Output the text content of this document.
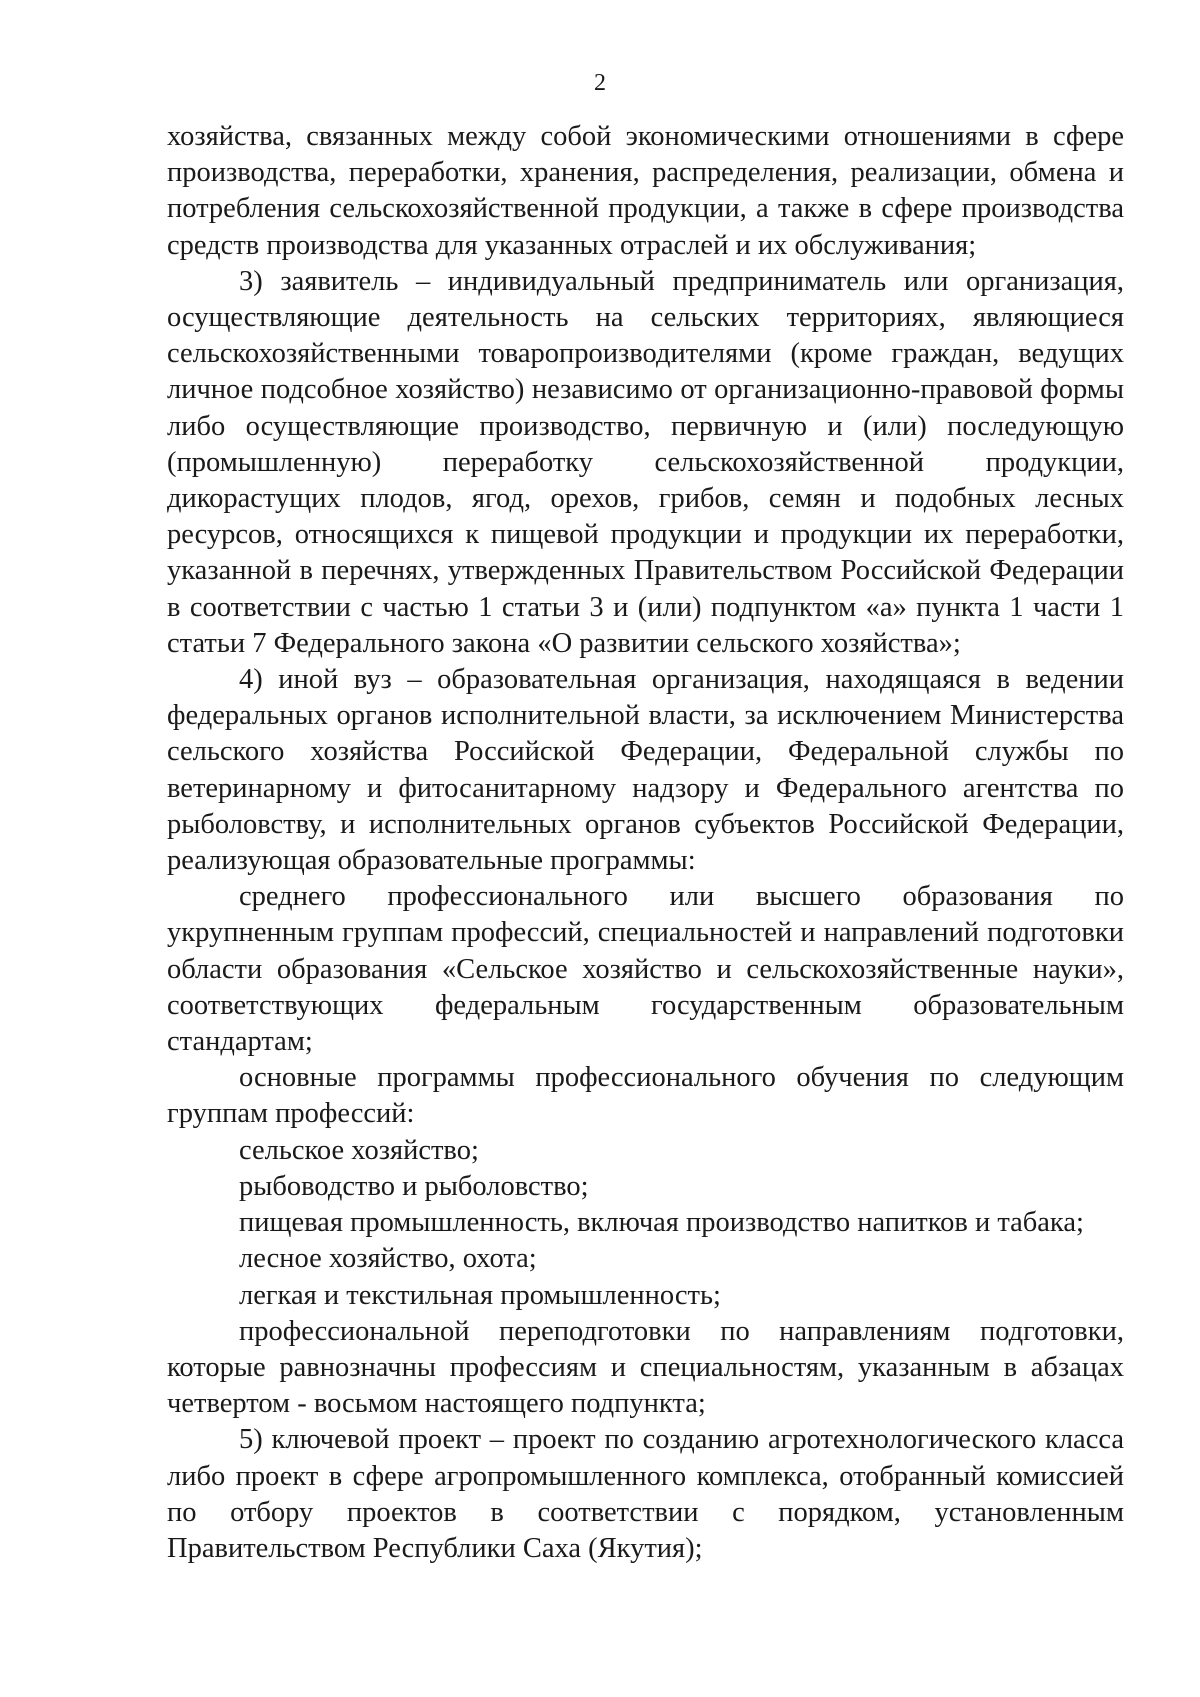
2

хозяйства, связанных между собой экономическими отношениями в сфере производства, переработки, хранения, распределения, реализации, обмена и потребления сельскохозяйственной продукции, а также в сфере производства средств производства для указанных отраслей и их обслуживания;

3) заявитель – индивидуальный предприниматель или организация, осуществляющие деятельность на сельских территориях, являющиеся сельскохозяйственными товаропроизводителями (кроме граждан, ведущих личное подсобное хозяйство) независимо от организационно-правовой формы либо осуществляющие производство, первичную и (или) последующую (промышленную) переработку сельскохозяйственной продукции, дикорастущих плодов, ягод, орехов, грибов, семян и подобных лесных ресурсов, относящихся к пищевой продукции и продукции их переработки, указанной в перечнях, утвержденных Правительством Российской Федерации в соответствии с частью 1 статьи 3 и (или) подпунктом «а» пункта 1 части 1 статьи 7 Федерального закона «О развитии сельского хозяйства»;

4) иной вуз – образовательная организация, находящаяся в ведении федеральных органов исполнительной власти, за исключением Министерства сельского хозяйства Российской Федерации, Федеральной службы по ветеринарному и фитосанитарному надзору и Федерального агентства по рыболовству, и исполнительных органов субъектов Российской Федерации, реализующая образовательные программы:

среднего профессионального или высшего образования по укрупненным группам профессий, специальностей и направлений подготовки области образования «Сельское хозяйство и сельскохозяйственные науки», соответствующих федеральным государственным образовательным стандартам;

основные программы профессионального обучения по следующим группам профессий:

сельское хозяйство;

рыбоводство и рыболовство;

пищевая промышленность, включая производство напитков и табака;

лесное хозяйство, охота;

легкая и текстильная промышленность;

профессиональной переподготовки по направлениям подготовки, которые равнозначны профессиям и специальностям, указанным в абзацах четвертом - восьмом настоящего подпункта;

5) ключевой проект – проект по созданию агротехнологического класса либо проект в сфере агропромышленного комплекса, отобранный комиссией по отбору проектов в соответствии с порядком, установленным Правительством Республики Саха (Якутия);
